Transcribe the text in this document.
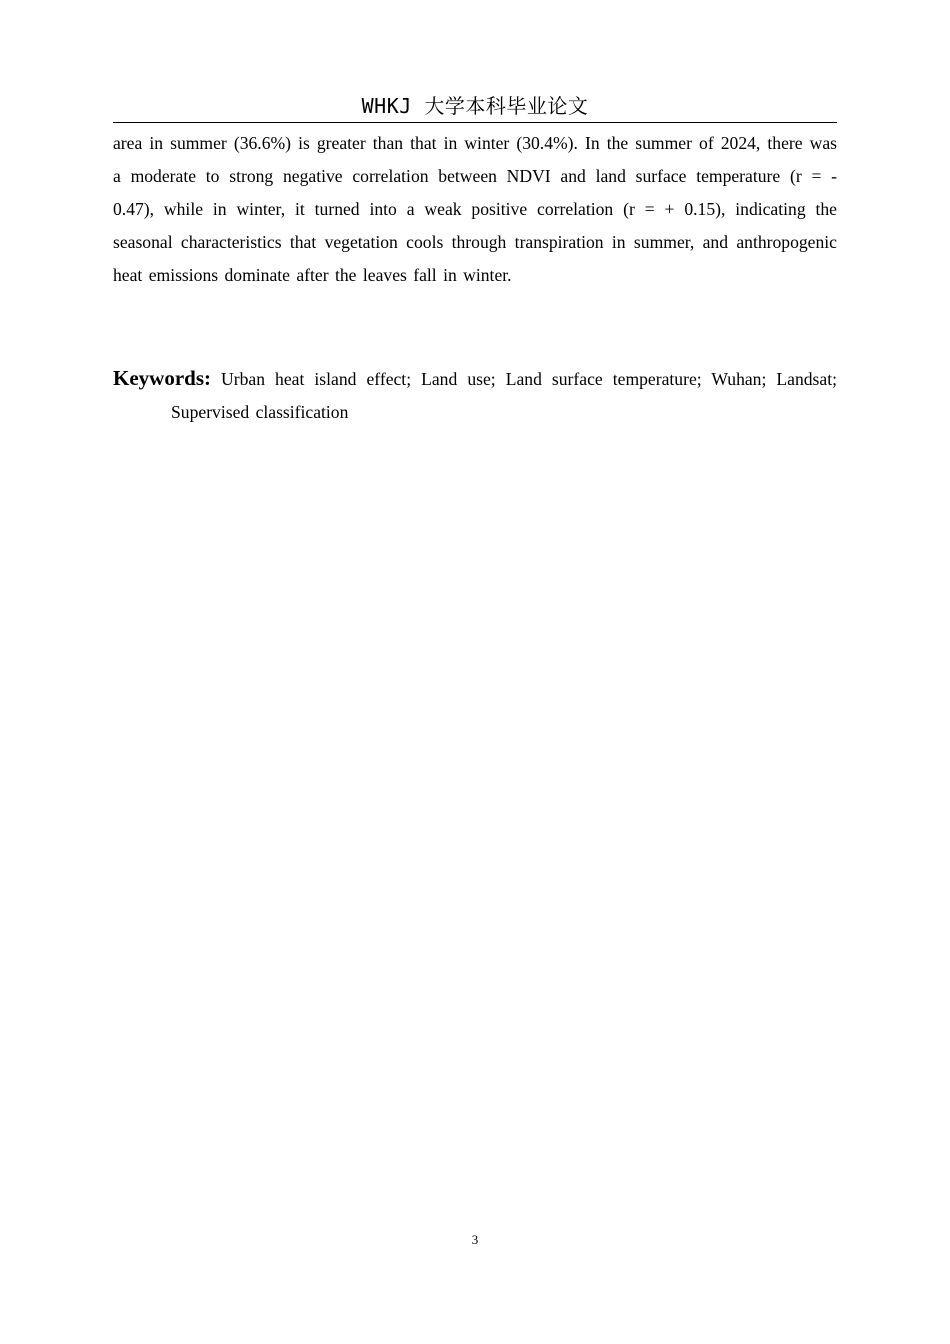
WHKJ 大学本科毕业论文

area in summer (36.6%) is greater than that in winter (30.4%). In the summer of 2024, there was a moderate to strong negative correlation between NDVI and land surface temperature (r = - 0.47), while in winter, it turned into a weak positive correlation (r = + 0.15), indicating the seasonal characteristics that vegetation cools through transpiration in summer, and anthropogenic heat emissions dominate after the leaves fall in winter.

Keywords: Urban heat island effect; Land use; Land surface temperature; Wuhan; Landsat; Supervised classification

3
